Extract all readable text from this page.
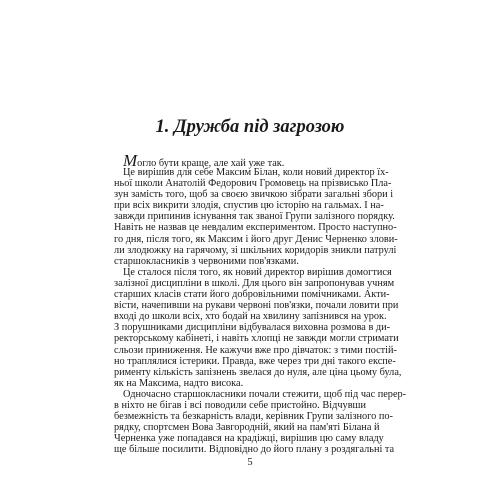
1. Дружба під загрозою
Могло бути краще, але хай уже так.
Це вирішив для себе Максим Білан, коли новий директор їх-
ньої школи Анатолій Федорович Громовець на прізвисько Пла-
зун замість того, щоб за своєю звичкою зібрати загальні збори і
при всіх викрити злодія, спустив цю історію на гальмах. І на-
завжди припинив існування так званої Групи залізного порядку.
Навіть не назвав це невдалим експериментом. Просто наступно-
го дня, після того, як Максим і його друг Денис Черненко злови-
ли злодюжку на гарячому, зі шкільних коридорів зникли патрулі
старшокласників з червоними пов'язками.
Це сталося після того, як новий директор вирішив домогтися
залізної дисципліни в школі. Для цього він запропонував учням
старших класів стати його добровільними помічниками. Акти-
вісти, начепивши на рукави червоні пов'язки, почали ловити при
вході до школи всіх, хто бодай на хвилину запізнився на урок.
З порушниками дисципліни відбувалася виховна розмова в ди-
ректорському кабінеті, і навіть хлопці не завжди могли стримати
сльози приниження. Не кажучи вже про дівчаток: з тими постій-
но траплялися істерики. Правда, вже через три дні такого експе-
рименту кількість запізнень звелася до нуля, але ціна цьому була,
як на Максима, надто висока.
Одночасно старшокласники почали стежити, щоб під час перер-
в ніхто не бігав і всі поводили себе пристойно. Відчувши
безмежність та безкарність влади, керівник Групи залізного по-
рядку, спортсмен Вова Завгородній, який на пам'яті Білана й
Черненка уже попадався на крадіжці, вирішив цю саму владу
ще більше посилити. Відповідно до його плану з роздягальні та
5
